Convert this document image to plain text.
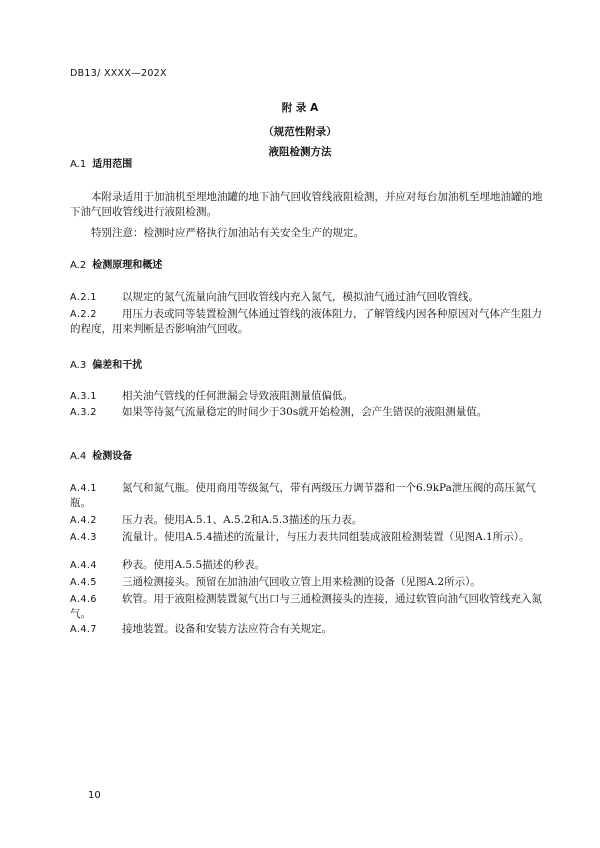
DB13/ XXXX—202X
附 录 A
（规范性附录）
液阻检测方法
A.1 适用范围
本附录适用于加油机至埋地油罐的地下油气回收管线液阻检测，并应对每台加油机至埋地油罐的地下油气回收管线进行液阻检测。
特别注意：检测时应严格执行加油站有关安全生产的规定。
A.2 检测原理和概述
A.2.1 以规定的氮气流量向油气回收管线内充入氮气，模拟油气通过油气回收管线。
A.2.2 用压力表或同等装置检测气体通过管线的液体阻力，了解管线内因各种原因对气体产生阻力的程度，用来判断是否影响油气回收。
A.3 偏差和干扰
A.3.1 相关油气管线的任何泄漏会导致液阻测量值偏低。
A.3.2 如果等待氮气流量稳定的时间少于30s就开始检测，会产生错误的液阻测量值。
A.4 检测设备
A.4.1 氮气和氮气瓶。使用商用等级氮气，带有两级压力调节器和一个6.9kPa泄压阀的高压氮气瓶。
A.4.2 压力表。使用A.5.1、A.5.2和A.5.3描述的压力表。
A.4.3 流量计。使用A.5.4描述的流量计，与压力表共同组装成液阻检测装置（见图A.1所示）。
A.4.4 秒表。使用A.5.5描述的秒表。
A.4.5 三通检测接头。预留在加油油气回收立管上用来检测的设备（见图A.2所示）。
A.4.6 软管。用于液阻检测装置氮气出口与三通检测接头的连接，通过软管向油气回收管线充入氮气。
A.4.7 接地装置。设备和安装方法应符合有关规定。
10
